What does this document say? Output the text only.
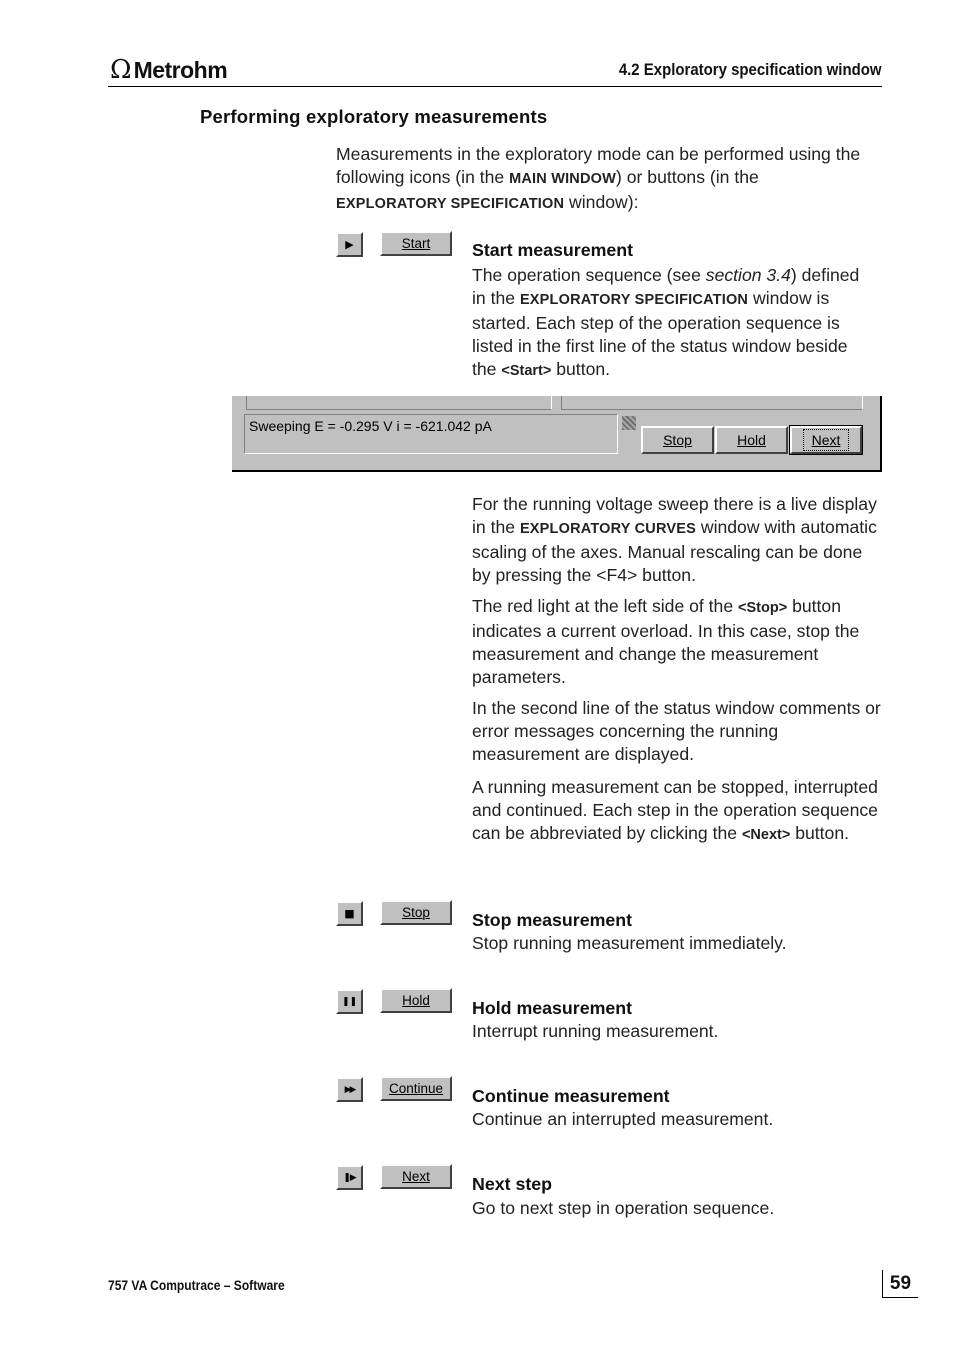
Ω Metrohm	4.2 Exploratory specification window
Performing exploratory measurements
Measurements in the exploratory mode can be performed using the following icons (in the MAIN WINDOW) or buttons (in the EXPLORATORY SPECIFICATION window):
▶	Start Start measurement
The operation sequence (see section 3.4) defined in the EXPLORATORY SPECIFICATION window is started. Each step of the operation sequence is listed in the first line of the status window beside the <Start> button.
Sweeping E = -0.295 V i = -621.042 pA
Stop	Hold	Next
For the running voltage sweep there is a live display in the EXPLORATORY CURVES window with automatic scaling of the axes. Manual rescaling can be done by pressing the <F4> button.
The red light at the left side of the <Stop> button indicates a current overload. In this case, stop the measurement and change the measurement parameters.
In the second line of the status window comments or error messages concerning the running measurement are displayed.
A running measurement can be stopped, interrupted and continued. Each step in the operation sequence can be abbreviated by clicking the <Next> button.
■	Stop Stop measurement
Stop running measurement immediately.
❚❚	Hold Hold measurement
Interrupt running measurement.
▶▶	Continue Continue measurement
Continue an interrupted measurement.
❚▶	Next Next step
Go to next step in operation sequence.
757 VA Computrace – Software	59
